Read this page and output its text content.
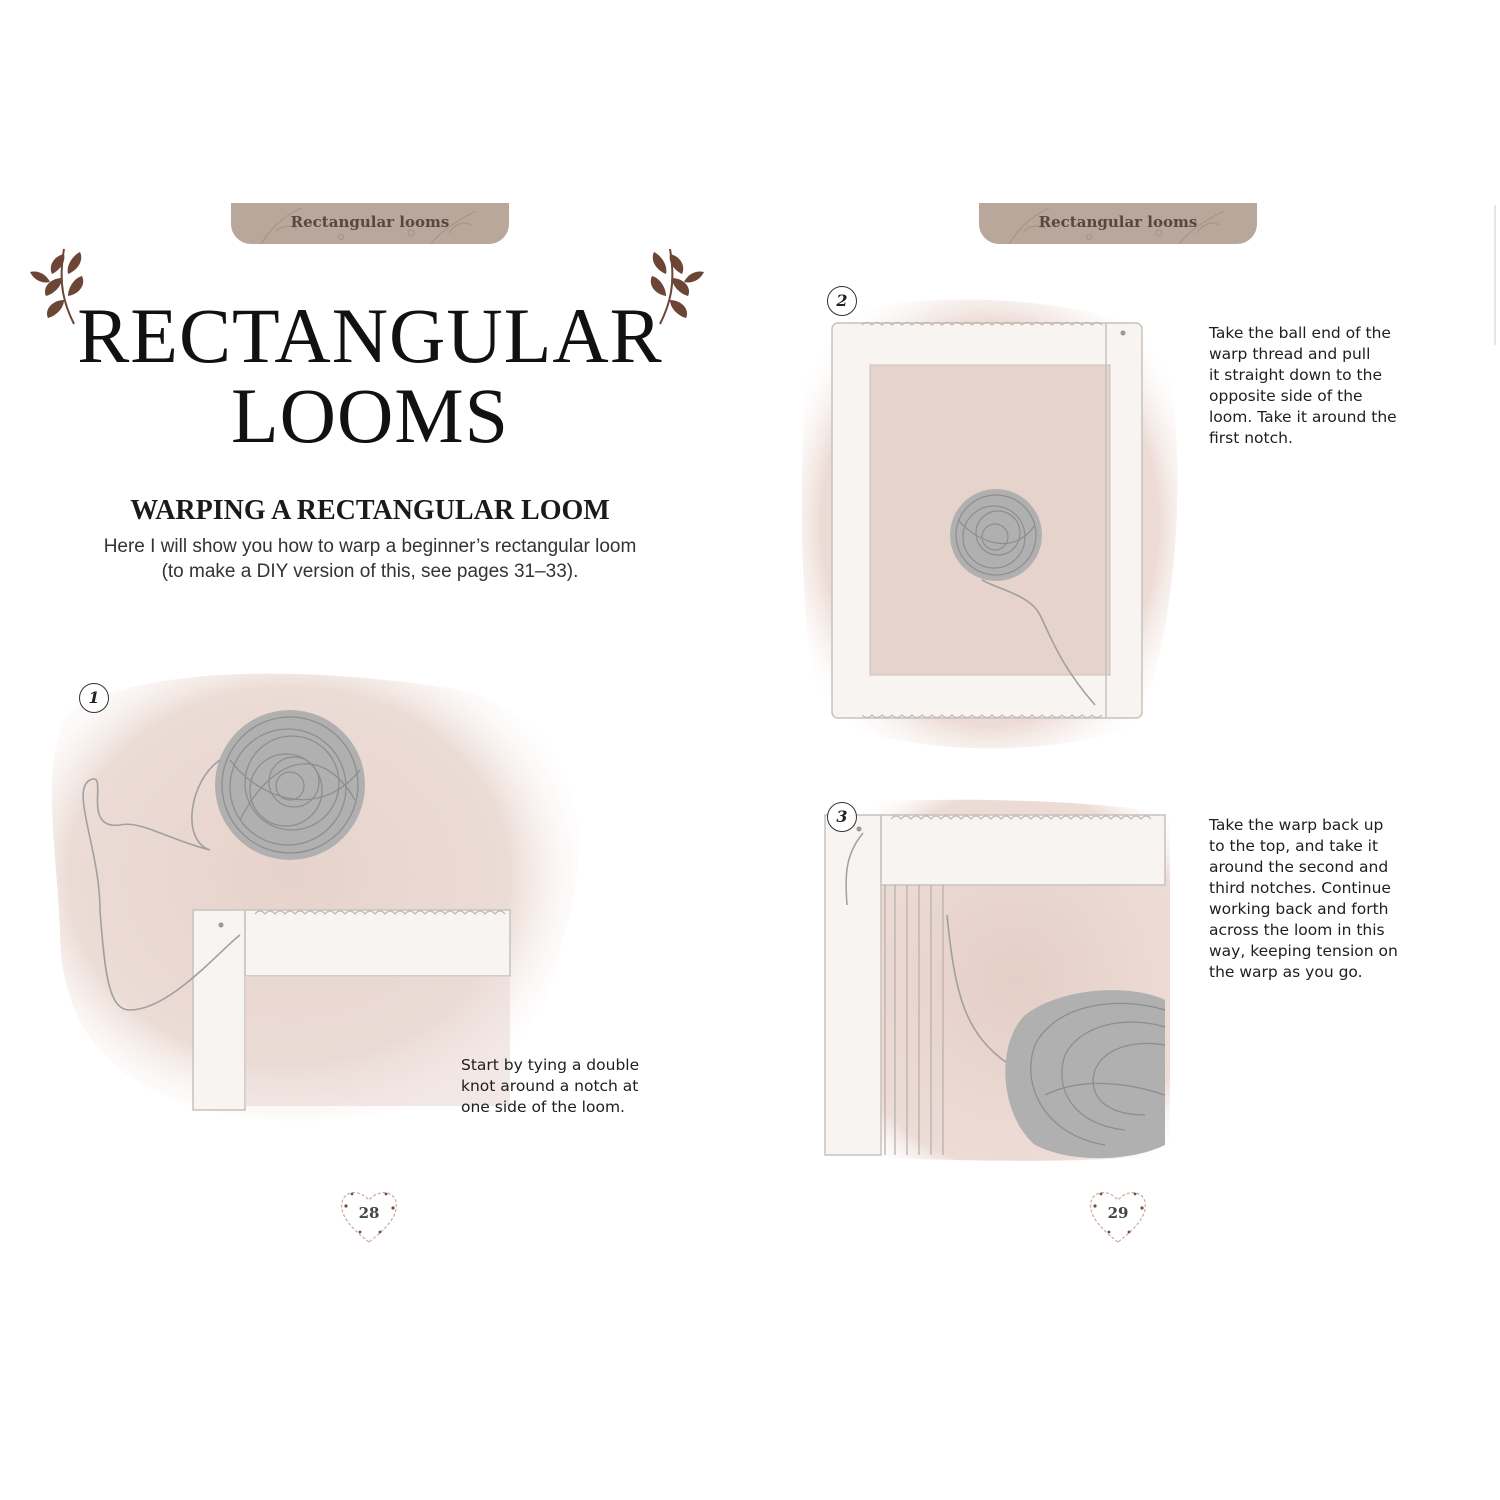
Rectangular looms
RECTANGULAR
LOOMS
WARPING A RECTANGULAR LOOM
Here I will show you how to warp a beginner’s rectangular loom
(to make a DIY version of this, see pages 31–33).
1
Start by tying a double
knot around a notch at
one side of the loom.
28
Rectangular looms
2
Take the ball end of the
warp thread and pull
it straight down to the
opposite side of the
loom. Take it around the
first notch.
3	Take the warp back up
to the top, and take it
around the second and
third notches. Continue
working back and forth
across the loom in this
way, keeping tension on
the warp as you go.
29
